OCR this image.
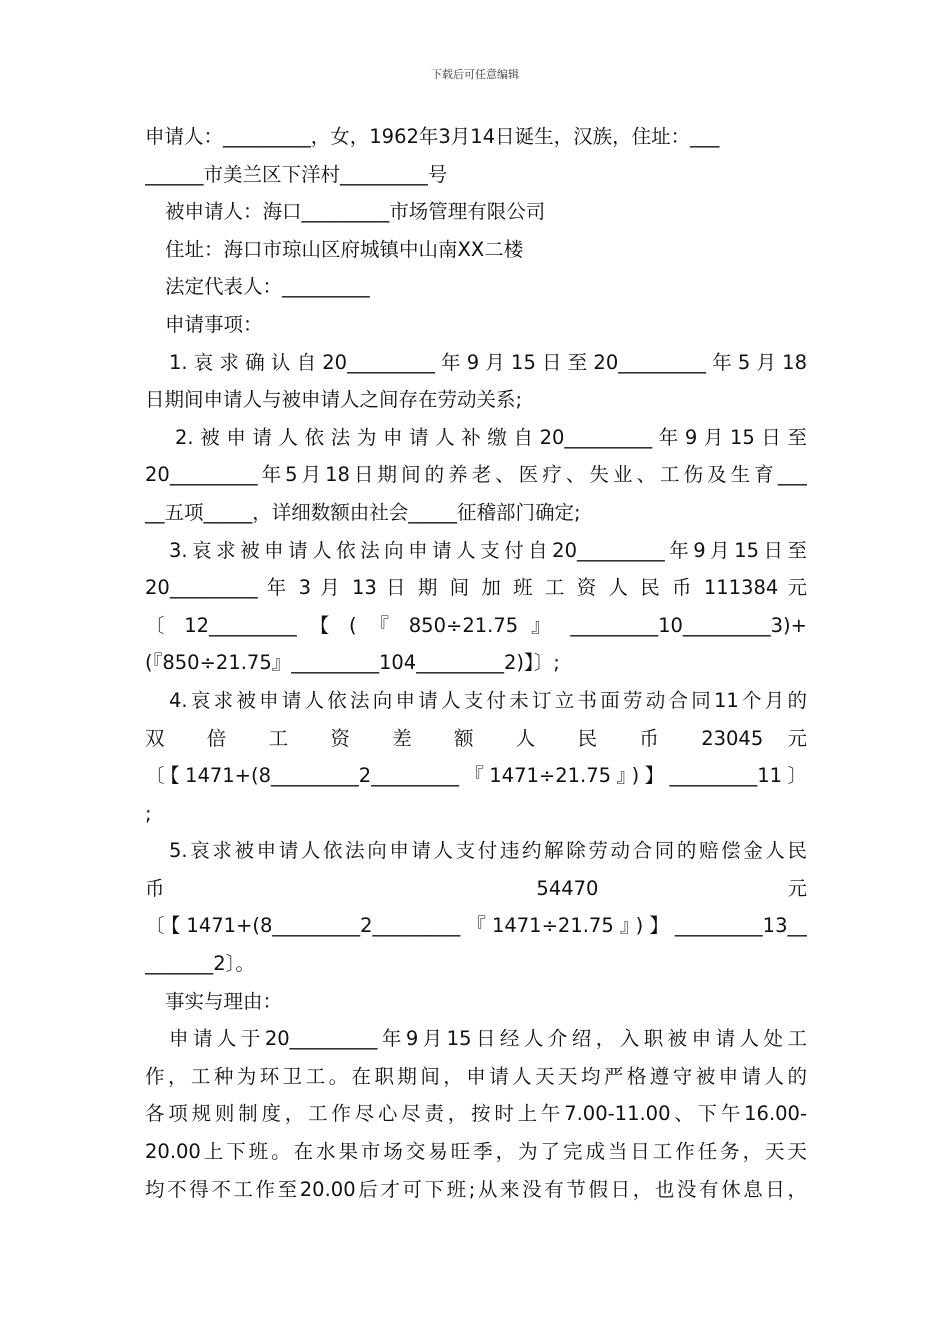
下载后可任意编辑
申请人：_________，女，1962年3月14日诞生，汉族，住址：___
______市美兰区下洋村_________号
被申请人：海口_________市场管理有限公司
住址：海口市琼山区府城镇中山南XX二楼
法定代表人：_________
申请事项：
1.哀求确认自20_________年9月15日至20_________年5月18
日期间申请人与被申请人之间存在劳动关系;
2.被申请人依法为申请人补缴自20_________年9月15日至
20_________年5月18日期间的养老、医疗、失业、工伤及生育___
__五项_____，详细数额由社会_____征稽部门确定;
3.哀求被申请人依法向申请人支付自20_________年9月15日至
20_________ 年 3 月 13 日 期 间 加 班 工 资 人 民 币 111384 元
〔 12_________ 【 ( 『 850÷21.75 』 _________10_________3)+
(『850÷21.75』_________104_________2)】〕;
4.哀求被申请人依法向申请人支付未订立书面劳动合同11个月的
双 倍 工 资 差 额 人 民 币 23045 元
〔【1471+(8_________2_________『1471÷21.75』)】_________11〕
;
5.哀求被申请人依法向申请人支付违约解除劳动合同的赔偿金人民
币 54470 元
〔【1471+(8_________2_________『1471÷21.75』)】_________13__
_______2〕。
事实与理由：
申请人于20_________年9月15日经人介绍，入职被申请人处工
作，工种为环卫工。在职期间，申请人天天均严格遵守被申请人的
各项规则制度，工作尽心尽责，按时上午7.00-11.00、下午16.00-
20.00上下班。在水果市场交易旺季，为了完成当日工作任务，天天
均不得不工作至20.00后才可下班;从来没有节假日，也没有休息日，
